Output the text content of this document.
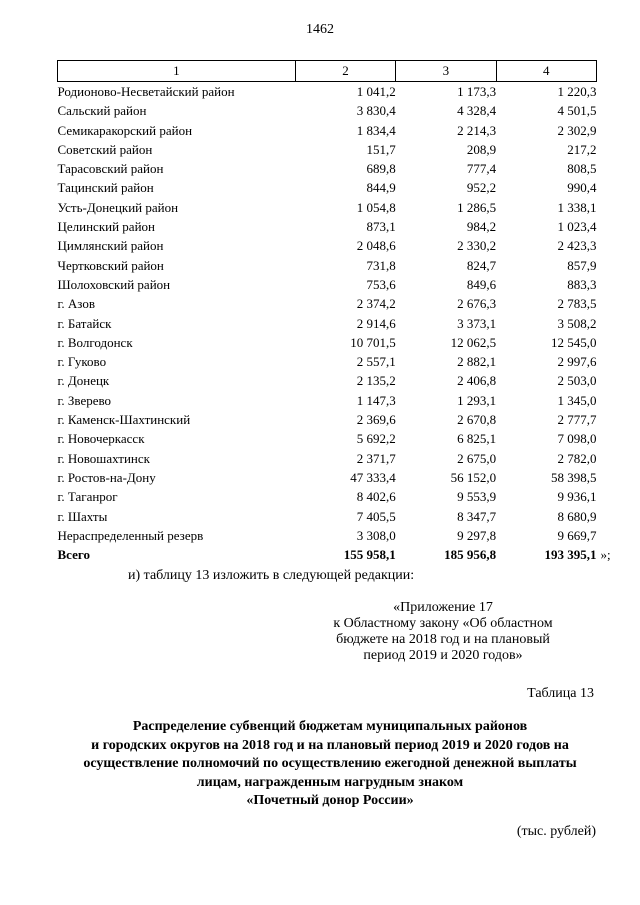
1462
1	2	3	4
Родионово-Несветайский район	1 041,2	1 173,3	1 220,3
Сальский район	3 830,4	4 328,4	4 501,5
Семикаракорский район	1 834,4	2 214,3	2 302,9
Советский район	151,7	208,9	217,2
Тарасовский район	689,8	777,4	808,5
Тацинский район	844,9	952,2	990,4
Усть-Донецкий район	1 054,8	1 286,5	1 338,1
Целинский район	873,1	984,2	1 023,4
Цимлянский район	2 048,6	2 330,2	2 423,3
Чертковский район	731,8	824,7	857,9
Шолоховский район	753,6	849,6	883,3
г. Азов	2 374,2	2 676,3	2 783,5
г. Батайск	2 914,6	3 373,1	3 508,2
г. Волгодонск	10 701,5	12 062,5	12 545,0
г. Гуково	2 557,1	2 882,1	2 997,6
г. Донецк	2 135,2	2 406,8	2 503,0
г. Зверево	1 147,3	1 293,1	1 345,0
г. Каменск-Шахтинский	2 369,6	2 670,8	2 777,7
г. Новочеркасск	5 692,2	6 825,1	7 098,0
г. Новошахтинск	2 371,7	2 675,0	2 782,0
г. Ростов-на-Дону	47 333,4	56 152,0	58 398,5
г. Таганрог	8 402,6	9 553,9	9 936,1
г. Шахты	7 405,5	8 347,7	8 680,9
Нераспределенный резерв	3 308,0	9 297,8	9 669,7
Всего	155 958,1	185 956,8	193 395,1 »;
и) таблицу 13 изложить в следующей редакции:
«Приложение 17
к Областному закону «Об областном
бюджете на 2018 год и на плановый
период 2019 и 2020 годов»
Таблица 13
Распределение субвенций бюджетам муниципальных районов
и городских округов на 2018 год и на плановый период 2019 и 2020 годов на
осуществление полномочий по осуществлению ежегодной денежной выплаты
лицам, награжденным нагрудным знаком
«Почетный донор России»
(тыс. рублей)
